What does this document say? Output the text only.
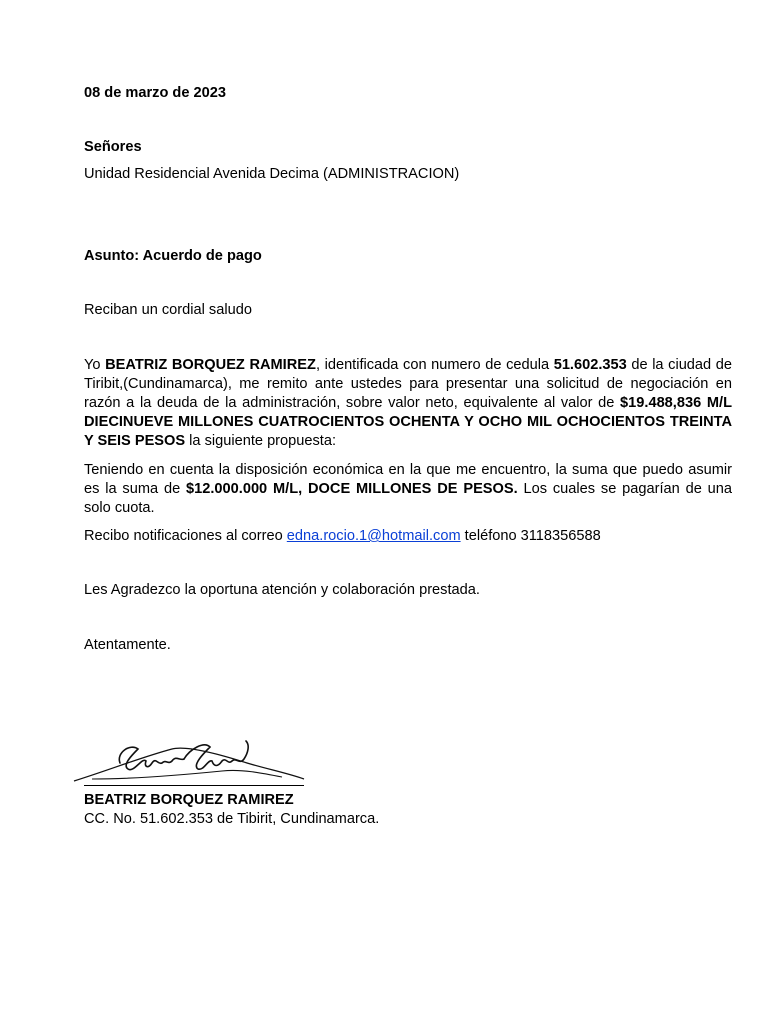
08 de marzo de 2023
Señores
Unidad Residencial Avenida Decima (ADMINISTRACION)
Asunto: Acuerdo de pago
Reciban un cordial saludo
Yo BEATRIZ BORQUEZ RAMIREZ, identificada con numero de cedula 51.602.353 de la ciudad de Tiribit,(Cundinamarca), me remito ante ustedes para presentar una solicitud de negociación en razón a la deuda de la administración, sobre valor neto, equivalente al valor de $19.488,836 M/L DIECINUEVE MILLONES CUATROCIENTOS OCHENTA Y OCHO MIL OCHOCIENTOS TREINTA Y SEIS PESOS la siguiente propuesta:
Teniendo en cuenta la disposición económica en la que me encuentro, la suma que puedo asumir es la suma de $12.000.000 M/L, DOCE MILLONES DE PESOS. Los cuales se pagarían de una solo cuota.
Recibo notificaciones al correo edna.rocio.1@hotmail.com teléfono 3118356588
Les Agradezco la oportuna atención y colaboración prestada.
Atentamente.
BEATRIZ BORQUEZ RAMIREZ
CC. No. 51.602.353 de Tibirit, Cundinamarca.
